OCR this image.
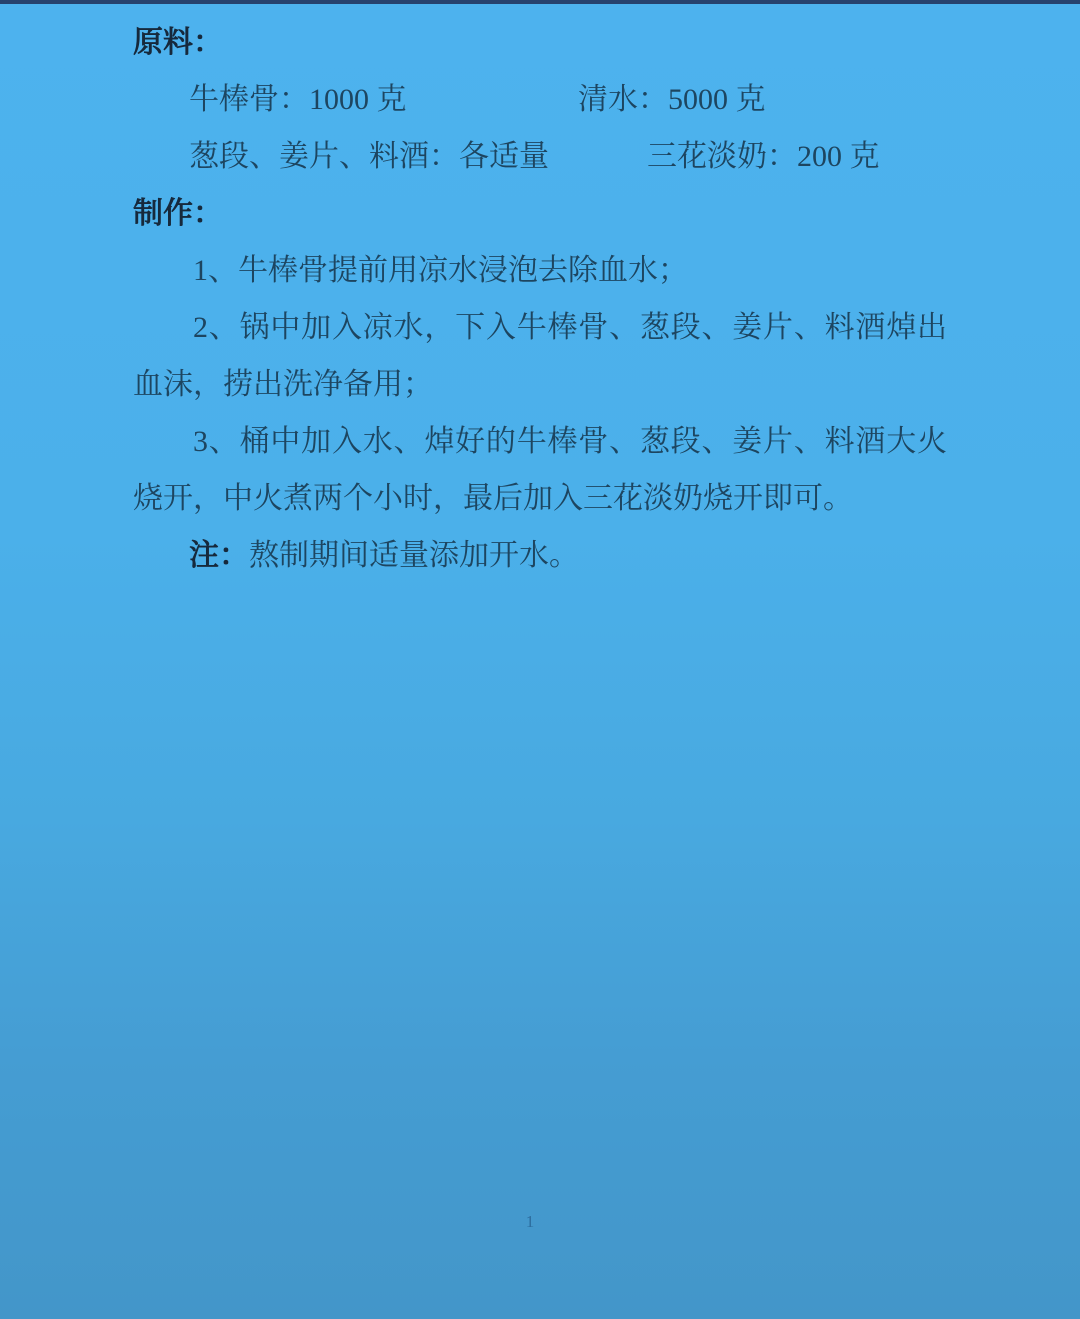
原料：

牛棒骨：1000 克	清水：5000 克
葱段、姜片、料酒：各适量	三花淡奶：200 克

制作：

1、牛棒骨提前用凉水浸泡去除血水；

2、锅中加入凉水，下入牛棒骨、葱段、姜片、料酒焯出血沫，捞出洗净备用；

3、桶中加入水、焯好的牛棒骨、葱段、姜片、料酒大火烧开，中火煮两个小时，最后加入三花淡奶烧开即可。

注：熬制期间适量添加开水。

1
